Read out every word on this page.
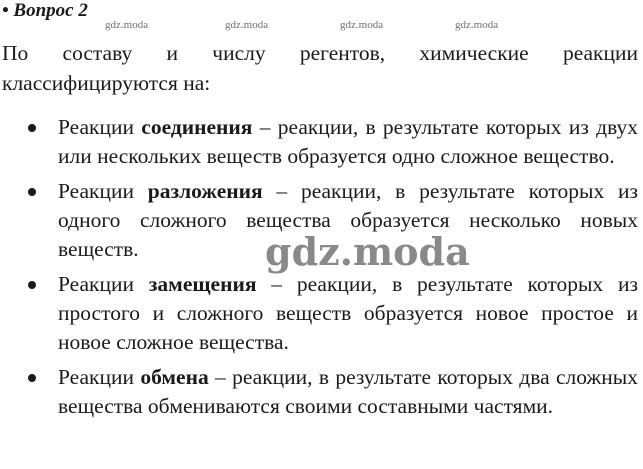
• Вопрос 2
gdz.moda	gdz.moda	gdz.moda	gdz.moda
По составу и числу регентов, химические реакции классифицируются на:
Реакции соединения – реакции, в результате которых из двух или нескольких веществ образуется одно сложное вещество.
Реакции разложения – реакции, в результате которых из одного сложного вещества образуется несколько новых веществ.
Реакции замещения – реакции, в результате которых из простого и сложного веществ образуется новое простое и новое сложное вещества.
Реакции обмена – реакции, в результате которых два сложных вещества обмениваются своими составными частями.
gdz.moda
